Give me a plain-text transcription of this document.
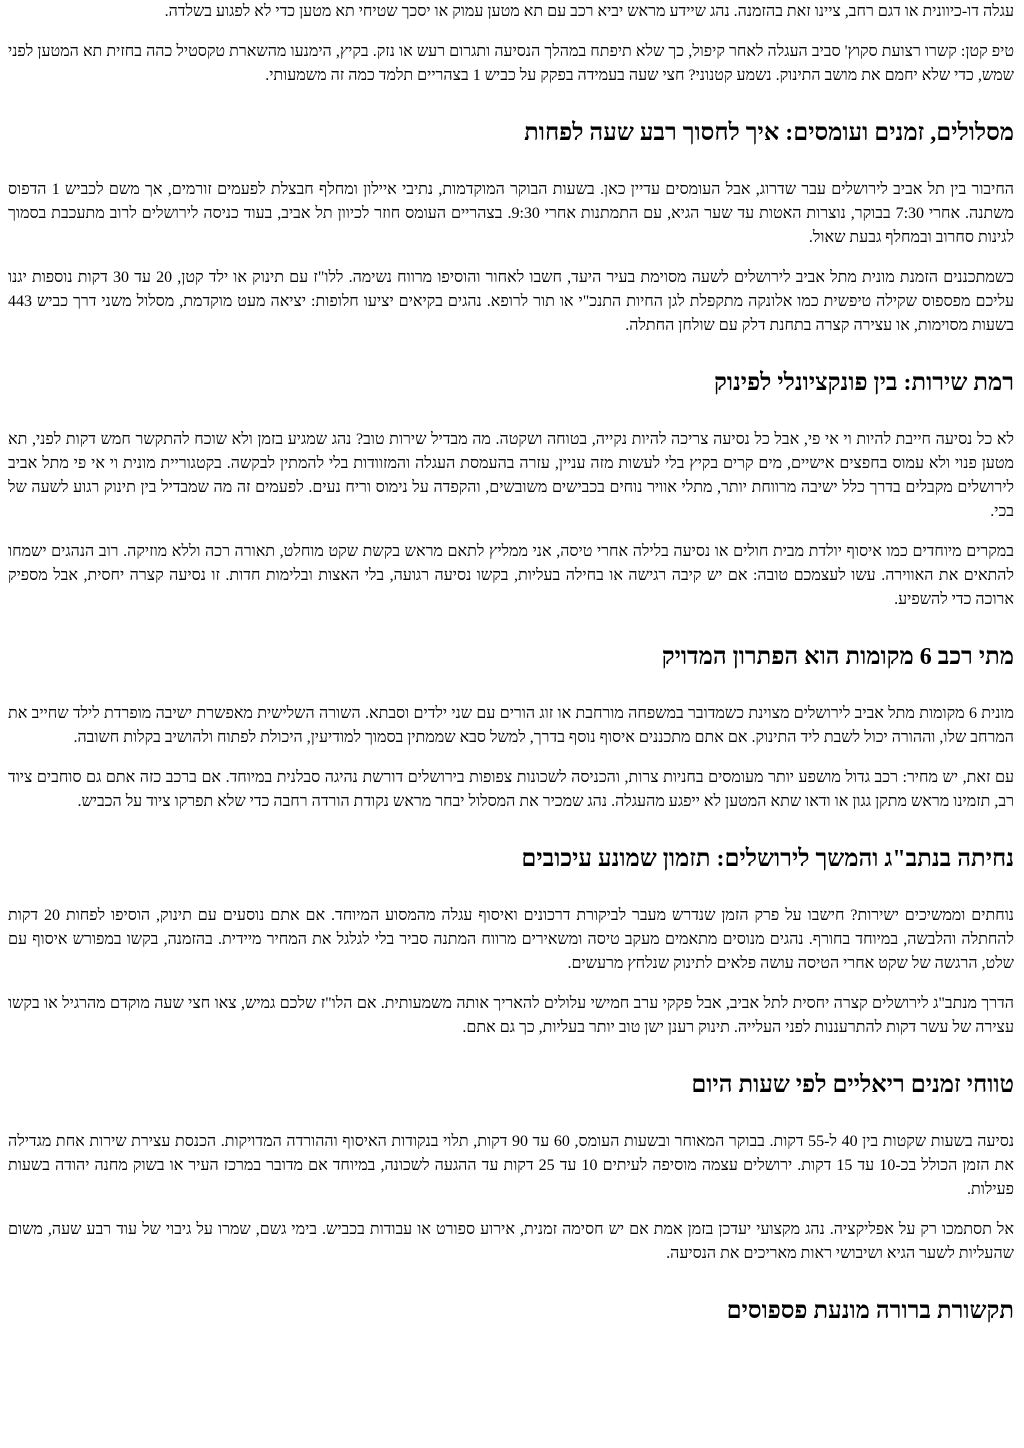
עגלה דו-כיוונית או דגם רחב, ציינו זאת בהזמנה. נהג שיידע מראש יביא רכב עם תא מטען עמוק או יסכך שטיחי תא מטען כדי לא לפגוע בשלדה.

טיפ קטן: קשרו רצועת סקוץ' סביב העגלה לאחר קיפול, כך שלא תיפתח במהלך הנסיעה ותגרום רעש או נזק. בקיץ, הימנעו מהשארת טקסטיל כהה בחזית תא המטען לפני שמש, כדי שלא יחמם את מושב התינוק. נשמע קטנוני? חצי שעה בעמידה בפקק על כביש 1 בצהריים תלמד כמה זה משמעותי.

מסלולים, זמנים ועומסים: איך לחסוך רבע שעה לפחות

החיבור בין תל אביב לירושלים עבר שדרוג, אבל העומסים עדיין כאן. בשעות הבוקר המוקדמות, נתיבי איילון ומחלף חבצלת לפעמים זורמים, אך משם לכביש 1 הדפוס משתנה. אחרי 7:30 בבוקר, נוצרות האטות עד שער הגיא, עם התמתנות אחרי 9:30. בצהריים העומס חוזר לכיוון תל אביב, בעוד כניסה לירושלים לרוב מתעכבת בסמוך לגינות סחרוב ובמחלף גבעת שאול.

כשמתכננים הזמנת מונית מתל אביב לירושלים לשעה מסוימת בעיר היעד, חשבו לאחור והוסיפו מרווח נשימה. ללו"ז עם תינוק או ילד קטן, 20 עד 30 דקות נוספות יגנו עליכם מפספוס שקילה טיפשית כמו אלונקה מתקפלת לגן החיות התנכ"י או תור לרופא. נהגים בקיאים יציעו חלופות: יציאה מעט מוקדמת, מסלול משני דרך כביש 443 בשעות מסוימות, או עצירה קצרה בתחנת דלק עם שולחן החתלה.

רמת שירות: בין פונקציונלי לפינוק

לא כל נסיעה חייבת להיות וי אי פי, אבל כל נסיעה צריכה להיות נקייה, בטוחה ושקטה. מה מבדיל שירות טוב? נהג שמגיע בזמן ולא שוכח להתקשר חמש דקות לפני, תא מטען פנוי ולא עמוס בחפצים אישיים, מים קרים בקיץ בלי לעשות מזה עניין, עזרה בהעמסת העגלה והמזוודות בלי להמתין לבקשה. בקטגוריית מונית וי אי פי מתל אביב לירושלים מקבלים בדרך כלל ישיבה מרווחת יותר, מתלי אוויר נוחים בכבישים משובשים, והקפדה על נימוס וריח נעים. לפעמים זה מה שמבדיל בין תינוק רגוע לשעה של בכי.

במקרים מיוחדים כמו איסוף יולדת מבית חולים או נסיעה בלילה אחרי טיסה, אני ממליץ לתאם מראש בקשת שקט מוחלט, תאורה רכה וללא מוזיקה. רוב הנהגים ישמחו להתאים את האווירה. עשו לעצמכם טובה: אם יש קיבה רגישה או בחילה בעליות, בקשו נסיעה רגועה, בלי האצות ובלימות חדות. זו נסיעה קצרה יחסית, אבל מספיק ארוכה כדי להשפיע.

מתי רכב 6 מקומות הוא הפתרון המדויק

מונית 6 מקומות מתל אביב לירושלים מצוינת כשמדובר במשפחה מורחבת או זוג הורים עם שני ילדים וסבתא. השורה השלישית מאפשרת ישיבה מופרדת לילד שחייב את המרחב שלו, וההורה יכול לשבת ליד התינוק. אם אתם מתכננים איסוף נוסף בדרך, למשל סבא שממתין בסמוך למודיעין, היכולת לפתוח ולהושיב בקלות חשובה.

עם זאת, יש מחיר: רכב גדול מושפע יותר מעומסים בחניות צרות, והכניסה לשכונות צפופות בירושלים דורשת נהיגה סבלנית במיוחד. אם ברכב כזה אתם גם סוחבים ציוד רב, תזמינו מראש מתקן גגון או ודאו שתא המטען לא ייפגע מהעגלה. נהג שמכיר את המסלול יבחר מראש נקודת הורדה רחבה כדי שלא תפרקו ציוד על הכביש.

נחיתה בנתב"ג והמשך לירושלים: תזמון שמונע עיכובים

נוחתים וממשיכים ישירות? חישבו על פרק הזמן שנדרש מעבר לביקורת דרכונים ואיסוף עגלה מהמסוע המיוחד. אם אתם נוסעים עם תינוק, הוסיפו לפחות 20 דקות להחתלה והלבשה, במיוחד בחורף. נהגים מנוסים מתאמים מעקב טיסה ומשאירים מרווח המתנה סביר בלי לגלגל את המחיר מיידית. בהזמנה, בקשו במפורש איסוף עם שלט, הרגשה של שקט אחרי הטיסה עושה פלאים לתינוק שנלחץ מרעשים.

הדרך מנתב"ג לירושלים קצרה יחסית לתל אביב, אבל פקקי ערב חמישי עלולים להאריך אותה משמעותית. אם הלו"ז שלכם גמיש, צאו חצי שעה מוקדם מהרגיל או בקשו עצירה של עשר דקות להתרעננות לפני העלייה. תינוק רענן ישן טוב יותר בעליות, כך גם אתם.

טווחי זמנים ריאליים לפי שעות היום

נסיעה בשעות שקטות בין 40 ל-55 דקות. בבוקר המאוחר ובשעות העומס, 60 עד 90 דקות, תלוי בנקודות האיסוף וההורדה המדויקות. הכנסת עצירת שירות אחת מגדילה את הזמן הכולל בכ-10 עד 15 דקות. ירושלים עצמה מוסיפה לעיתים 10 עד 25 דקות עד ההגעה לשכונה, במיוחד אם מדובר במרכז העיר או בשוק מחנה יהודה בשעות פעילות.

אל תסתמכו רק על אפליקציה. נהג מקצועי יעדכן בזמן אמת אם יש חסימה זמנית, אירוע ספורט או עבודות בכביש. בימי גשם, שמרו על גיבוי של עוד רבע שעה, משום שהעליות לשער הגיא ושיבושי ראות מאריכים את הנסיעה.

תקשורת ברורה מונעת פספוסים
